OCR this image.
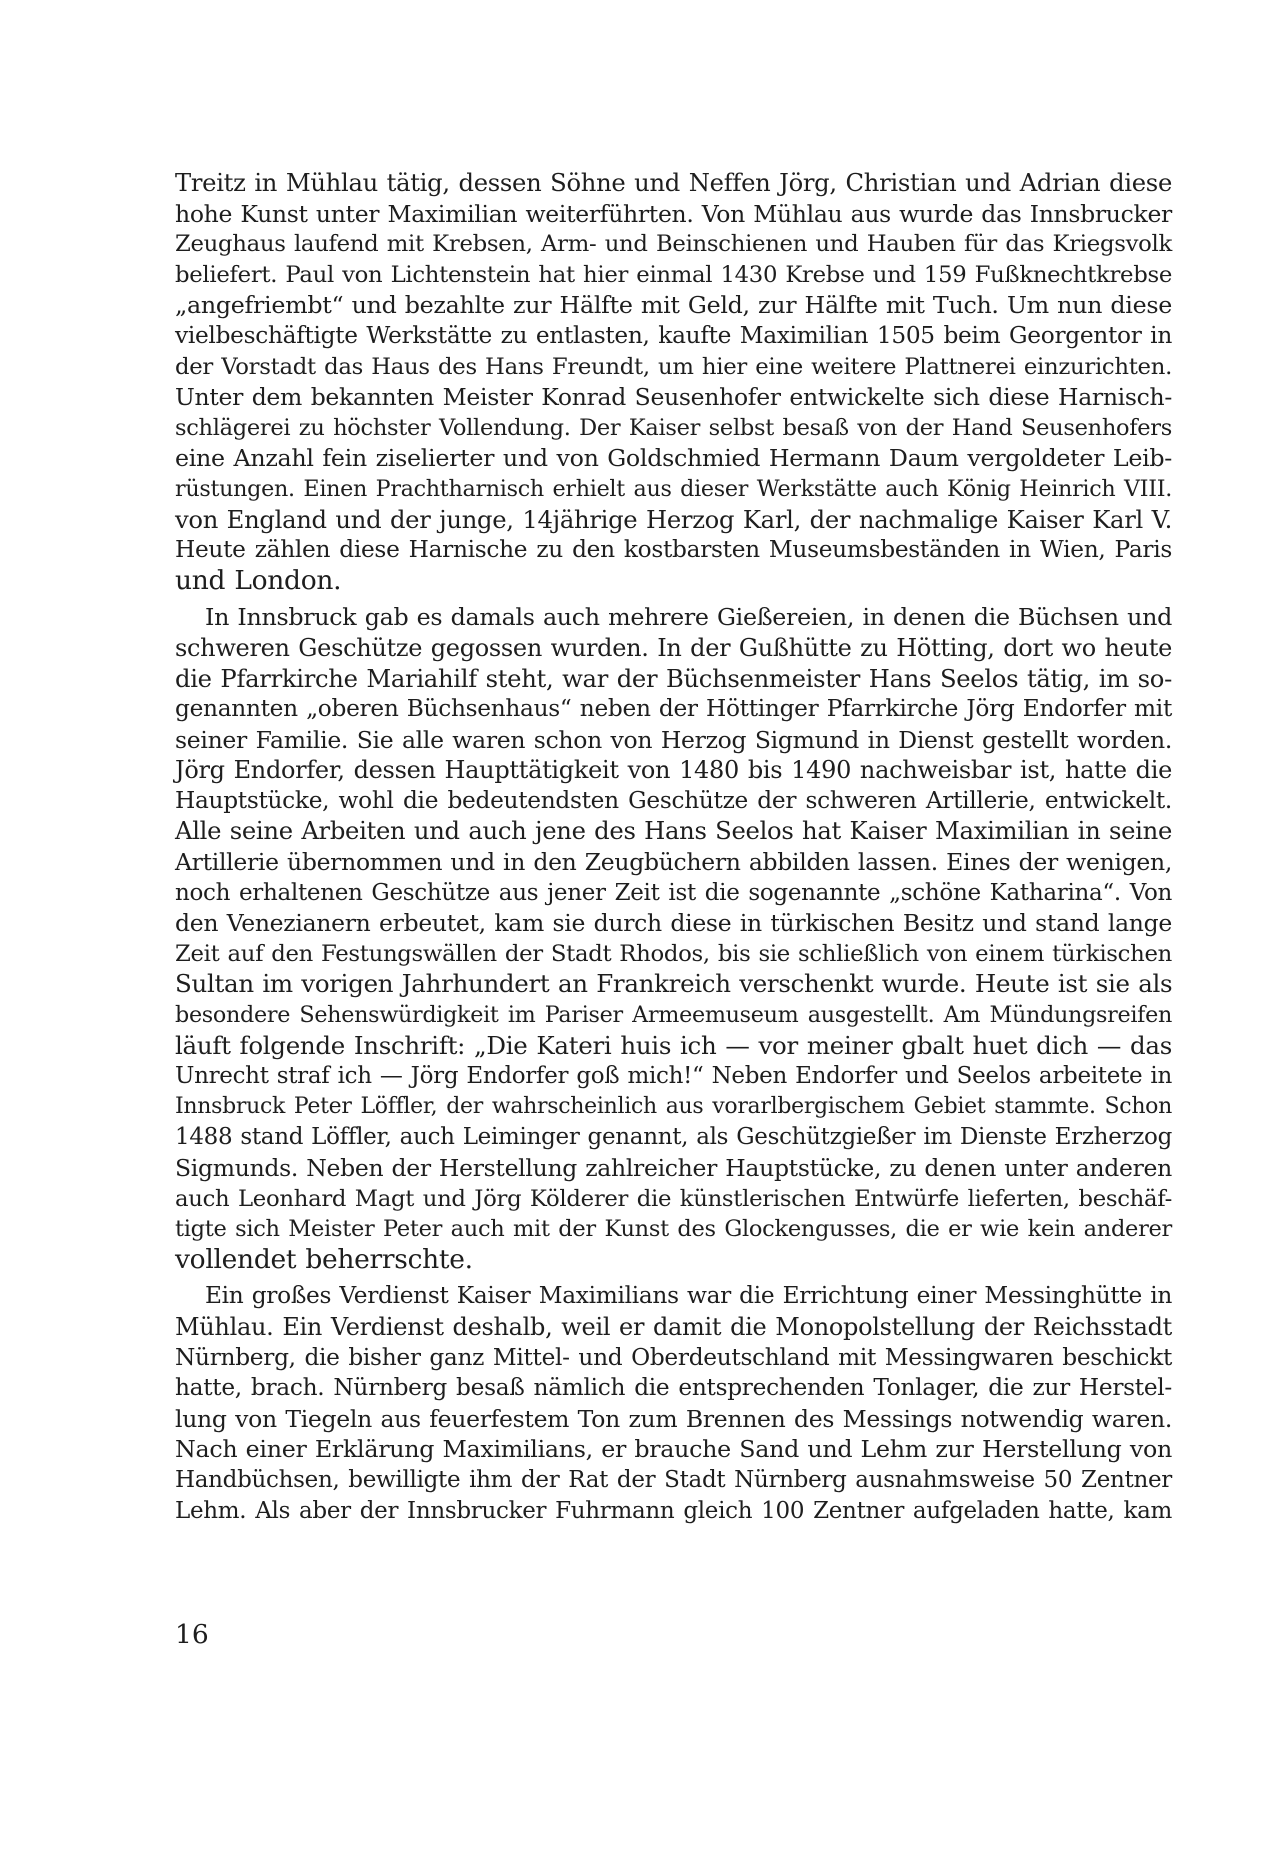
Treitz in Mühlau tätig, dessen Söhne und Neffen Jörg, Christian und Adrian diese
hohe Kunst unter Maximilian weiterführten. Von Mühlau aus wurde das Innsbrucker
Zeughaus laufend mit Krebsen, Arm- und Beinschienen und Hauben für das Kriegsvolk
beliefert. Paul von Lichtenstein hat hier einmal 1430 Krebse und 159 Fußknechtkrebse
„angefriembt“ und bezahlte zur Hälfte mit Geld, zur Hälfte mit Tuch. Um nun diese
vielbeschäftigte Werkstätte zu entlasten, kaufte Maximilian 1505 beim Georgentor in
der Vorstadt das Haus des Hans Freundt, um hier eine weitere Plattnerei einzurichten.
Unter dem bekannten Meister Konrad Seusenhofer entwickelte sich diese Harnisch-
schlägerei zu höchster Vollendung. Der Kaiser selbst besaß von der Hand Seusenhofers
eine Anzahl fein ziselierter und von Goldschmied Hermann Daum vergoldeter Leib-
rüstungen. Einen Prachtharnisch erhielt aus dieser Werkstätte auch König Heinrich VIII.
von England und der junge, 14jährige Herzog Karl, der nachmalige Kaiser Karl V.
Heute zählen diese Harnische zu den kostbarsten Museumsbeständen in Wien, Paris
und London.
In Innsbruck gab es damals auch mehrere Gießereien, in denen die Büchsen und
schweren Geschütze gegossen wurden. In der Gußhütte zu Hötting, dort wo heute
die Pfarrkirche Mariahilf steht, war der Büchsenmeister Hans Seelos tätig, im so-
genannten „oberen Büchsenhaus“ neben der Höttinger Pfarrkirche Jörg Endorfer mit
seiner Familie. Sie alle waren schon von Herzog Sigmund in Dienst gestellt worden.
Jörg Endorfer, dessen Haupttätigkeit von 1480 bis 1490 nachweisbar ist, hatte die
Hauptstücke, wohl die bedeutendsten Geschütze der schweren Artillerie, entwickelt.
Alle seine Arbeiten und auch jene des Hans Seelos hat Kaiser Maximilian in seine
Artillerie übernommen und in den Zeugbüchern abbilden lassen. Eines der wenigen,
noch erhaltenen Geschütze aus jener Zeit ist die sogenannte „schöne Katharina“. Von
den Venezianern erbeutet, kam sie durch diese in türkischen Besitz und stand lange
Zeit auf den Festungswällen der Stadt Rhodos, bis sie schließlich von einem türkischen
Sultan im vorigen Jahrhundert an Frankreich verschenkt wurde. Heute ist sie als
besondere Sehenswürdigkeit im Pariser Armeemuseum ausgestellt. Am Mündungsreifen
läuft folgende Inschrift: „Die Kateri huis ich — vor meiner gbalt huet dich — das
Unrecht straf ich — Jörg Endorfer goß mich!“ Neben Endorfer und Seelos arbeitete in
Innsbruck Peter Löffler, der wahrscheinlich aus vorarlbergischem Gebiet stammte. Schon
1488 stand Löffler, auch Leiminger genannt, als Geschützgießer im Dienste Erzherzog
Sigmunds. Neben der Herstellung zahlreicher Hauptstücke, zu denen unter anderen
auch Leonhard Magt und Jörg Kölderer die künstlerischen Entwürfe lieferten, beschäf-
tigte sich Meister Peter auch mit der Kunst des Glockengusses, die er wie kein anderer
vollendet beherrschte.
Ein großes Verdienst Kaiser Maximilians war die Errichtung einer Messinghütte in
Mühlau. Ein Verdienst deshalb, weil er damit die Monopolstellung der Reichsstadt
Nürnberg, die bisher ganz Mittel- und Oberdeutschland mit Messingwaren beschickt
hatte, brach. Nürnberg besaß nämlich die entsprechenden Tonlager, die zur Herstel-
lung von Tiegeln aus feuerfestem Ton zum Brennen des Messings notwendig waren.
Nach einer Erklärung Maximilians, er brauche Sand und Lehm zur Herstellung von
Handbüchsen, bewilligte ihm der Rat der Stadt Nürnberg ausnahmsweise 50 Zentner
Lehm. Als aber der Innsbrucker Fuhrmann gleich 100 Zentner aufgeladen hatte, kam
16
